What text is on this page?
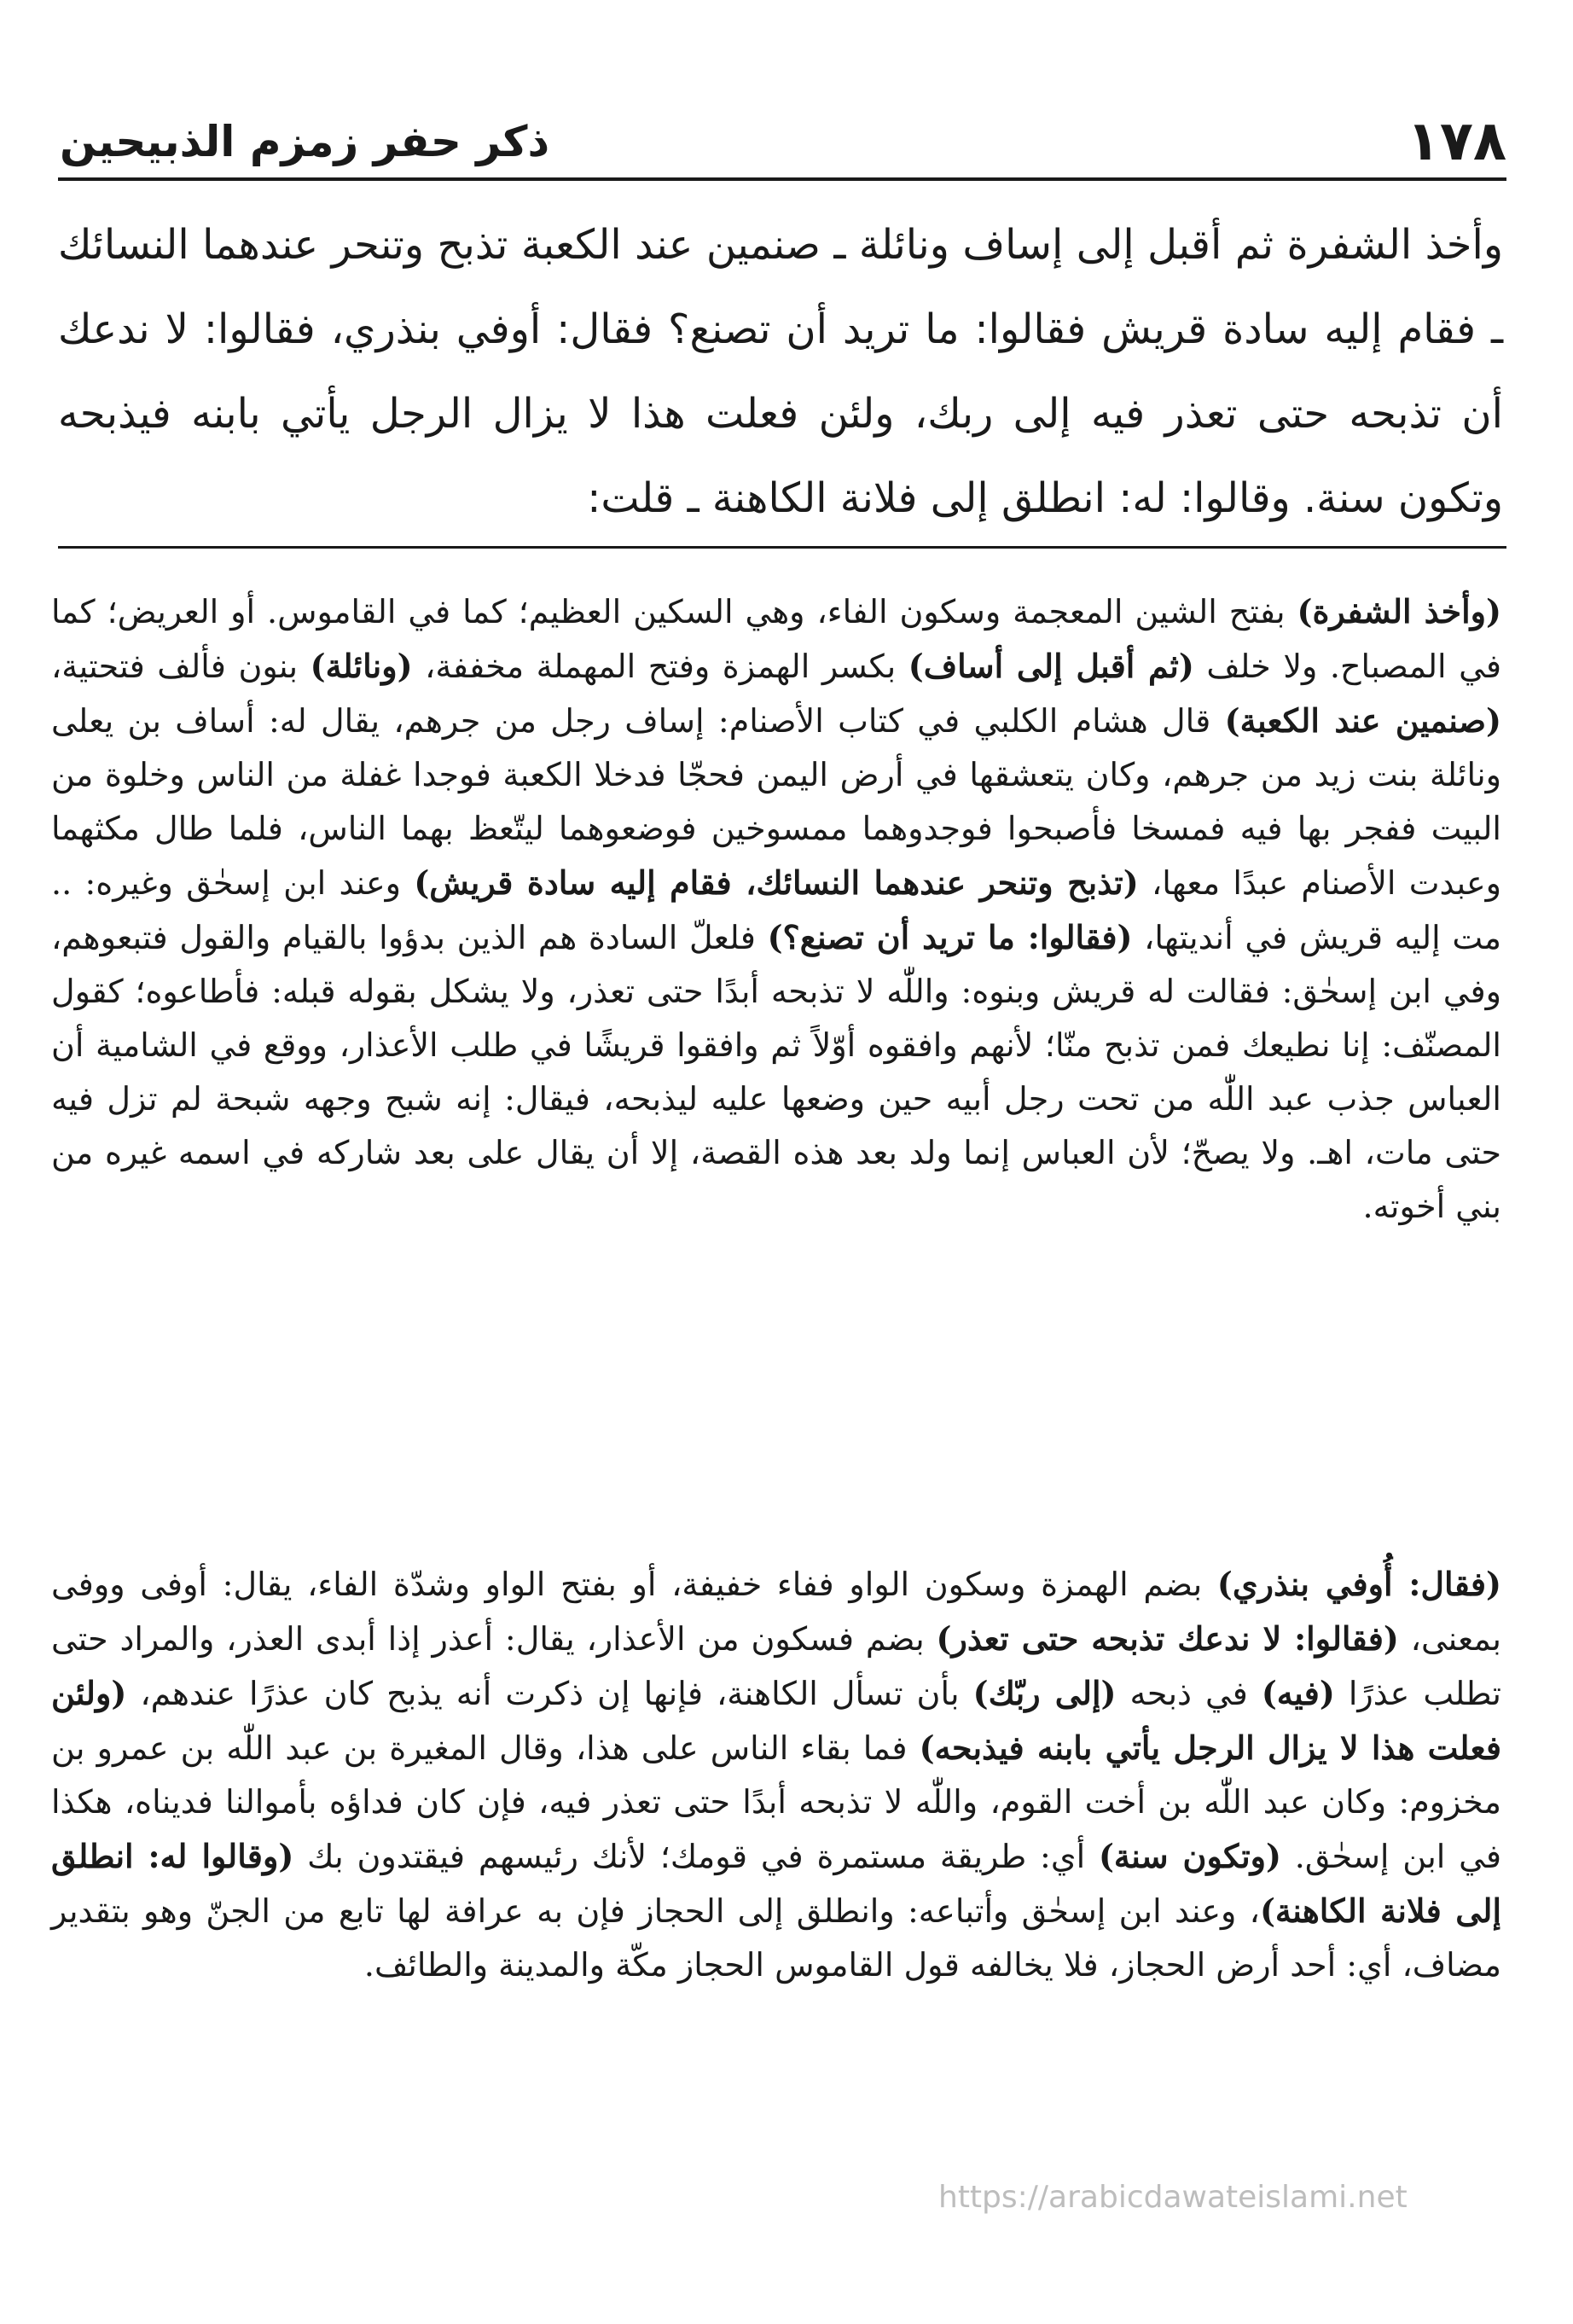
١٧٨
ذكر حفر زمزم الذبيحين
وأخذ الشفرة ثم أقبل إلى إساف ونائلة ـ صنمين عند الكعبة تذبح وتنحر عندهما النسائك ـ فقام إليه سادة قريش فقالوا: ما تريد أن تصنع؟ فقال: أوفي بنذري، فقالوا: لا ندعك أن تذبحه حتى تعذر فيه إلى ربك، ولئن فعلت هذا لا يزال الرجل يأتي بابنه فيذبحه وتكون سنة. وقالوا: له: انطلق إلى فلانة الكاهنة ـ قلت:

(وأخذ الشفرة) بفتح الشين المعجمة وسكون الفاء، وهي السكين العظيم؛ كما في القاموس. أو العريض؛ كما في المصباح. ولا خلف (ثم أقبل إلى أساف) بكسر الهمزة وفتح المهملة مخففة، (ونائلة) بنون فألف فتحتية، (صنمين عند الكعبة) قال هشام الكلبي في كتاب الأصنام: إساف رجل من جرهم، يقال له: أساف بن يعلى ونائلة بنت زيد من جرهم، وكان يتعشقها في أرض اليمن فحجّا فدخلا الكعبة فوجدا غفلة من الناس وخلوة من البيت ففجر بها فيه فمسخا فأصبحوا فوجدوهما ممسوخين فوضعوهما ليتّعظ بهما الناس، فلما طال مكثهما وعبدت الأصنام عبدًا معها، (تذبح وتنحر عندهما النسائك، فقام إليه سادة قريش) وعند ابن إسحٰق وغيره: .. مت إليه قريش في أنديتها، (فقالوا: ما تريد أن تصنع؟) فلعلّ السادة هم الذين بدؤوا بالقيام والقول فتبعوهم، وفي ابن إسحٰق: فقالت له قريش وبنوه: واللّٰه لا تذبحه أبدًا حتى تعذر، ولا يشكل بقوله قبله: فأطاعوه؛ كقول المصنّف: إنا نطيعك فمن تذبح منّا؛ لأنهم وافقوه أوّلاً ثم وافقوا قريشًا في طلب الأعذار، ووقع في الشامية أن العباس جذب عبد اللّٰه من تحت رجل أبيه حين وضعها عليه ليذبحه، فيقال: إنه شبح وجهه شبحة لم تزل فيه حتى مات، اهـ. ولا يصحّ؛ لأن العباس إنما ولد بعد هذه القصة، إلا أن يقال على بعد شاركه في اسمه غيره من بني أخوته.

(فقال: أُوفي بنذري) بضم الهمزة وسكون الواو ففاء خفيفة، أو بفتح الواو وشدّة الفاء، يقال: أوفى ووفى بمعنى، (فقالوا: لا ندعك تذبحه حتى تعذر) بضم فسكون من الأعذار، يقال: أعذر إذا أبدى العذر، والمراد حتى تطلب عذرًا (فيه) في ذبحه (إلى ربّك) بأن تسأل الكاهنة، فإنها إن ذكرت أنه يذبح كان عذرًا عندهم، (ولئن فعلت هذا لا يزال الرجل يأتي بابنه فيذبحه) فما بقاء الناس على هذا، وقال المغيرة بن عبد اللّٰه بن عمرو بن مخزوم: وكان عبد اللّٰه بن أخت القوم، واللّٰه لا تذبحه أبدًا حتى تعذر فيه، فإن كان فداؤه بأموالنا فديناه، هكذا في ابن إسحٰق. (وتكون سنة) أي: طريقة مستمرة في قومك؛ لأنك رئيسهم فيقتدون بك (وقالوا له: انطلق إلى فلانة الكاهنة)، وعند ابن إسحٰق وأتباعه: وانطلق إلى الحجاز فإن به عرافة لها تابع من الجنّ وهو بتقدير مضاف، أي: أحد أرض الحجاز، فلا يخالفه قول القاموس الحجاز مكّة والمدينة والطائف.

https://arabicdawateislami.net
